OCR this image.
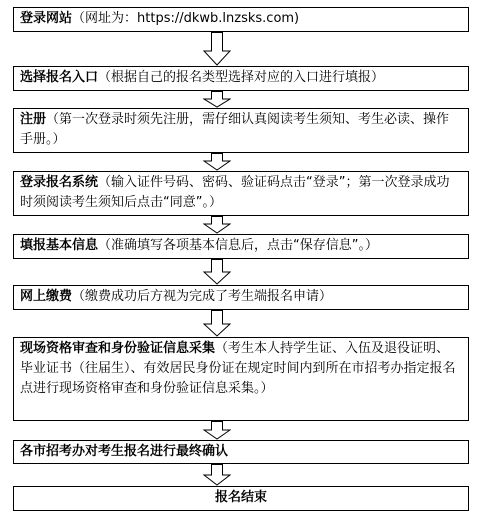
登录网站（网址为：https://dkwb.lnzsks.com)
选择报名入口（根据自己的报名类型选择对应的入口进行填报）
注册（第一次登录时须先注册，需仔细认真阅读考生须知、考生必读、操作手册。）
登录报名系统（输入证件号码、密码、验证码点击“登录”；第一次登录成功时须阅读考生须知后点击“同意”。）
填报基本信息（准确填写各项基本信息后，点击“保存信息”。）
网上缴费（缴费成功后方视为完成了考生端报名申请）
现场资格审查和身份验证信息采集（考生本人持学生证、入伍及退役证明、毕业证书（往届生）、有效居民身份证在规定时间内到所在市招考办指定报名点进行现场资格审查和身份验证信息采集。）
各市招考办对考生报名进行最终确认
报名结束
